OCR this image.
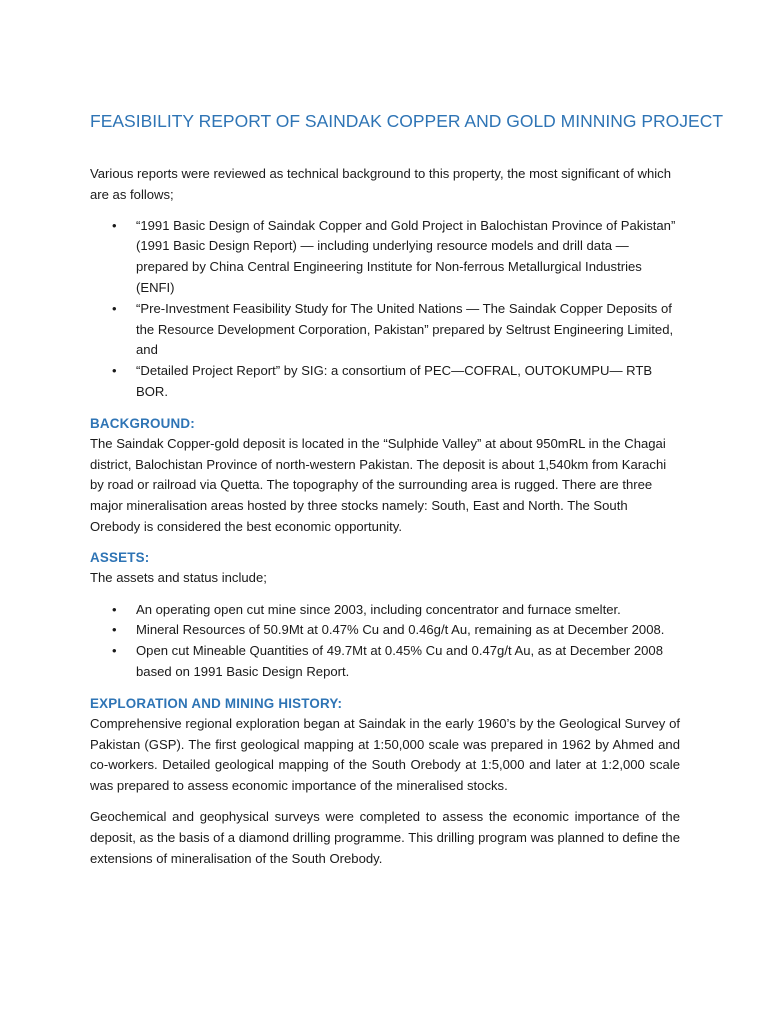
FEASIBILITY REPORT OF SAINDAK COPPER AND GOLD MINNING PROJECT

Various reports were reviewed as technical background to this property, the most significant of which are as follows;

• “1991 Basic Design of Saindak Copper and Gold Project in Balochistan Province of Pakistan” (1991 Basic Design Report) — including underlying resource models and drill data — prepared by China Central Engineering Institute for Non-ferrous Metallurgical Industries (ENFI)
• “Pre-Investment Feasibility Study for The United Nations — The Saindak Copper Deposits of the Resource Development Corporation, Pakistan” prepared by Seltrust Engineering Limited, and
• “Detailed Project Report” by SIG: a consortium of PEC—COFRAL, OUTOKUMPU— RTB BOR.
BACKGROUND:

The Saindak Copper-gold deposit is located in the “Sulphide Valley” at about 950mRL in the Chagai district, Balochistan Province of north-western Pakistan. The deposit is about 1,540km from Karachi by road or railroad via Quetta. The topography of the surrounding area is rugged. There are three major mineralisation areas hosted by three stocks namely: South, East and North. The South Orebody is considered the best economic opportunity.

ASSETS:

The assets and status include;

• An operating open cut mine since 2003, including concentrator and furnace smelter.
• Mineral Resources of 50.9Mt at 0.47% Cu and 0.46g/t Au, remaining as at December 2008.
• Open cut Mineable Quantities of 49.7Mt at 0.45% Cu and 0.47g/t Au, as at December 2008 based on 1991 Basic Design Report.
EXPLORATION AND MINING HISTORY:

Comprehensive regional exploration began at Saindak in the early 1960’s by the Geological Survey of Pakistan (GSP). The first geological mapping at 1:50,000 scale was prepared in 1962 by Ahmed and co-workers. Detailed geological mapping of the South Orebody at 1:5,000 and later at 1:2,000 scale was prepared to assess economic importance of the mineralised stocks.

Geochemical and geophysical surveys were completed to assess the economic importance of the deposit, as the basis of a diamond drilling programme. This drilling program was planned to define the extensions of mineralisation of the South Orebody.
